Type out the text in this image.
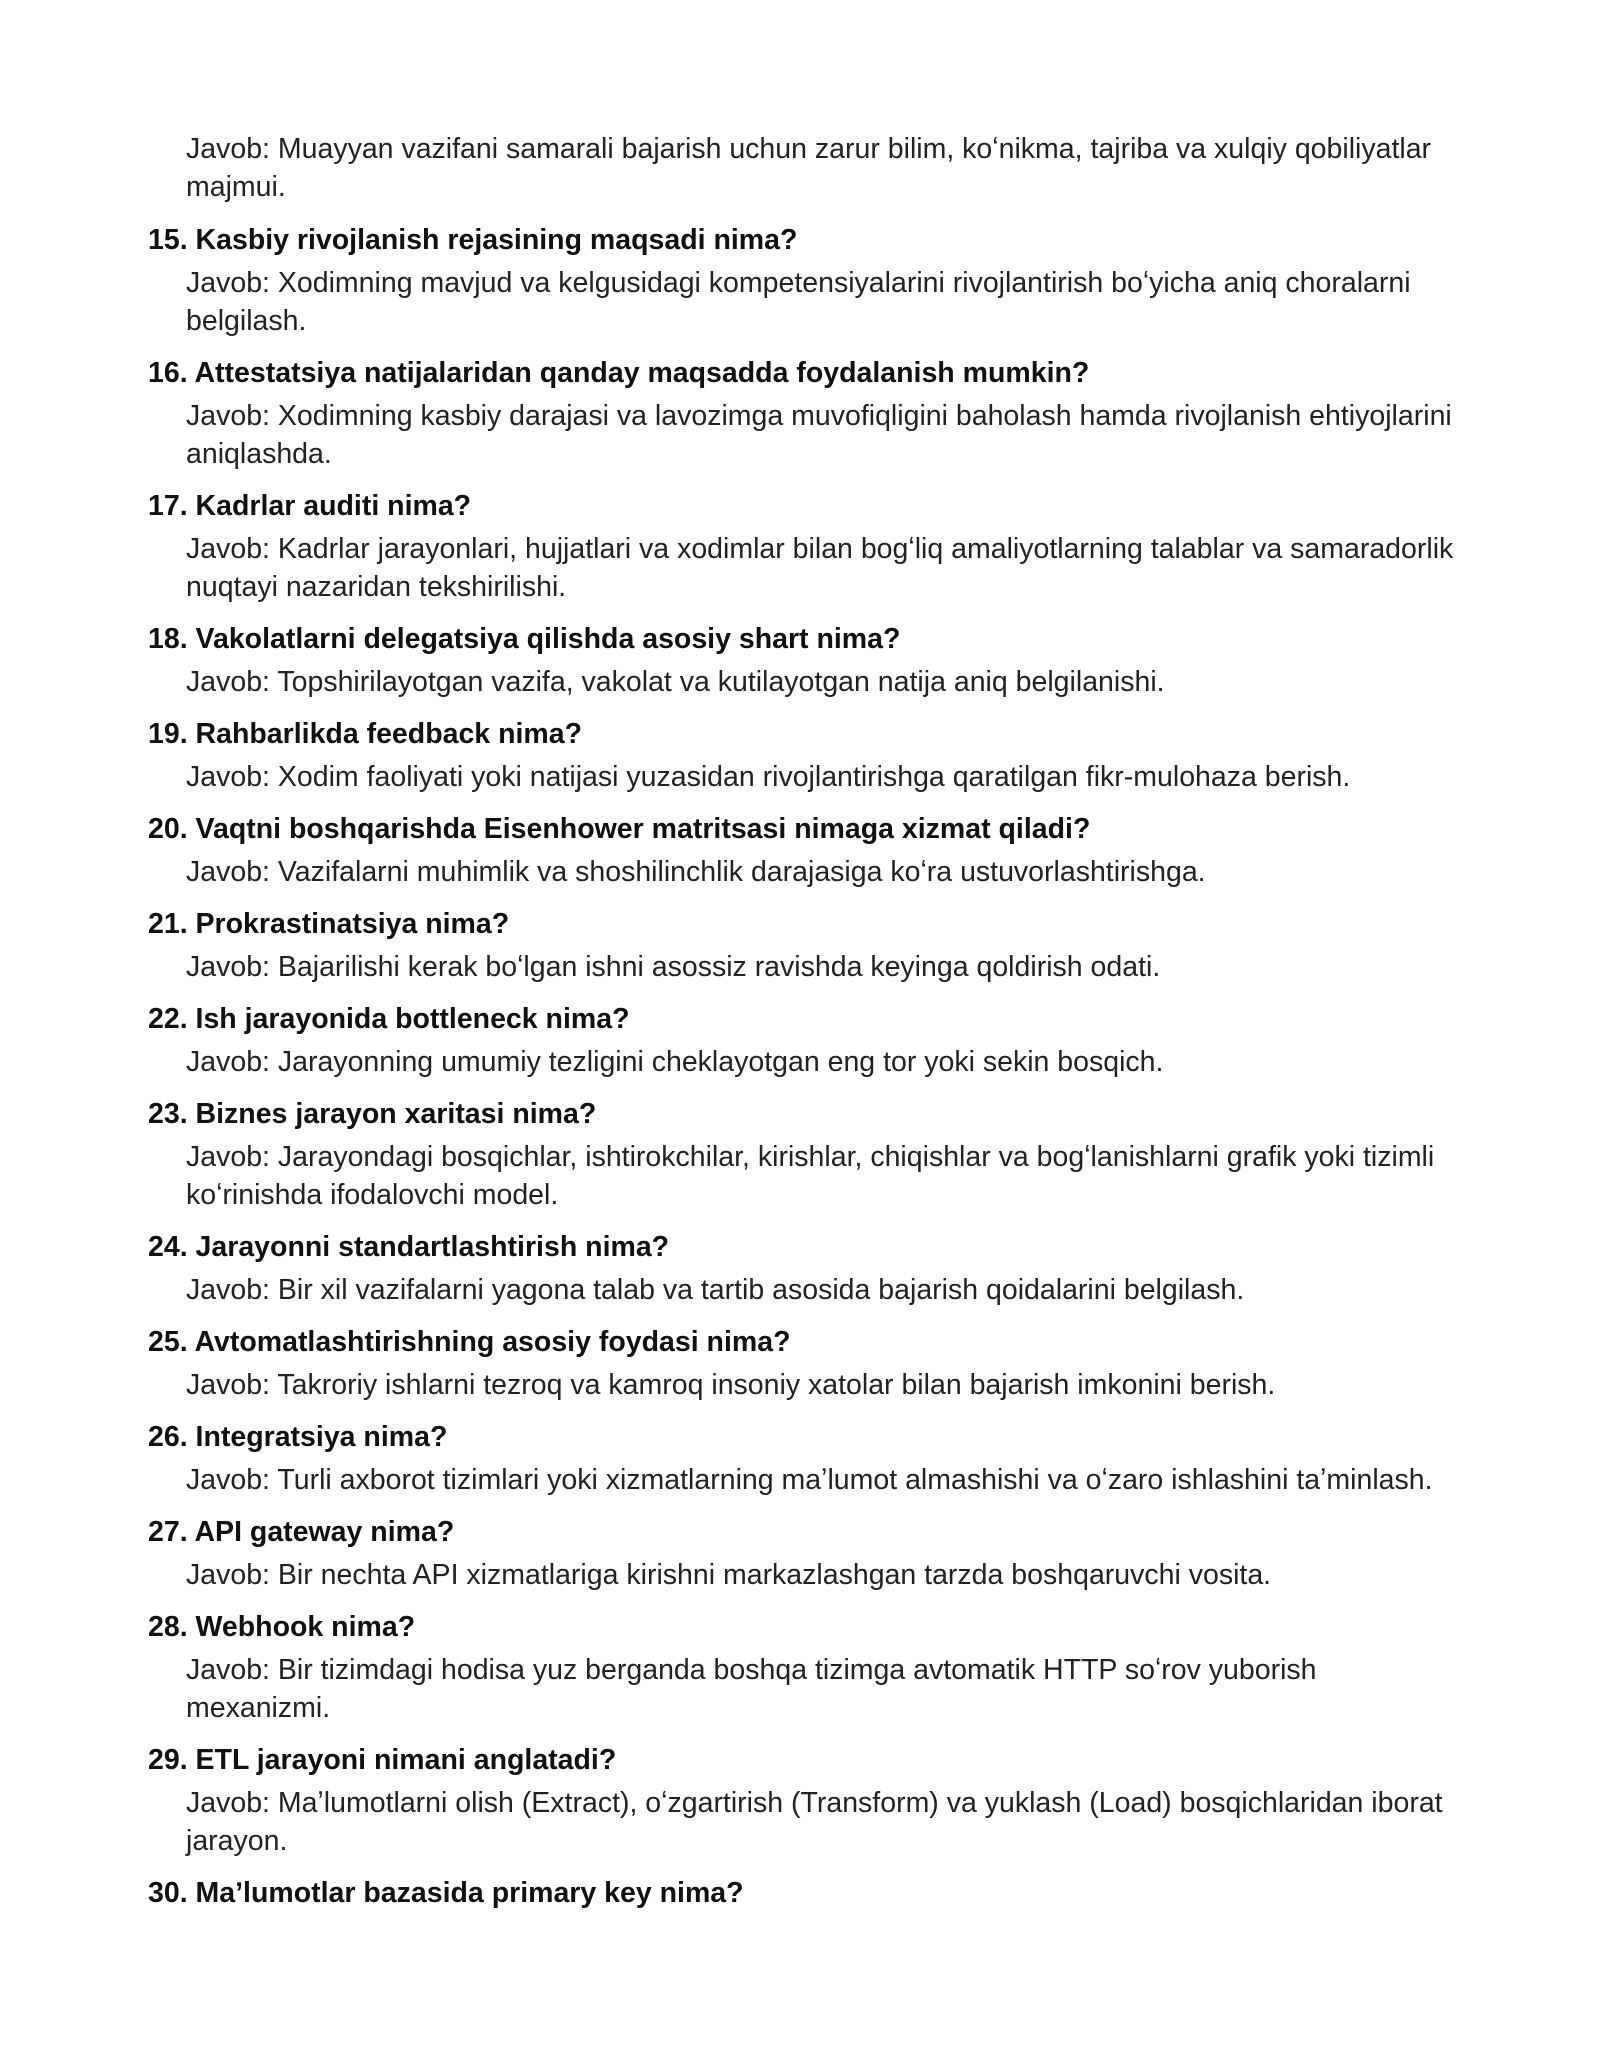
Javob: Muayyan vazifani samarali bajarish uchun zarur bilim, koʻnikma, tajriba va xulqiy qobiliyatlar majmui.

15. Kasbiy rivojlanish rejasining maqsadi nima?

Javob: Xodimning mavjud va kelgusidagi kompetensiyalarini rivojlantirish boʻyicha aniq choralarni belgilash.

16. Attestatsiya natijalaridan qanday maqsadda foydalanish mumkin?

Javob: Xodimning kasbiy darajasi va lavozimga muvofiqligini baholash hamda rivojlanish ehtiyojlarini aniqlashda.

17. Kadrlar auditi nima?

Javob: Kadrlar jarayonlari, hujjatlari va xodimlar bilan bogʻliq amaliyotlarning talablar va samaradorlik nuqtayi nazaridan tekshirilishi.

18. Vakolatlarni delegatsiya qilishda asosiy shart nima?

Javob: Topshirilayotgan vazifa, vakolat va kutilayotgan natija aniq belgilanishi.

19. Rahbarlikda feedback nima?

Javob: Xodim faoliyati yoki natijasi yuzasidan rivojlantirishga qaratilgan fikr-mulohaza berish.

20. Vaqtni boshqarishda Eisenhower matritsasi nimaga xizmat qiladi?

Javob: Vazifalarni muhimlik va shoshilinchlik darajasiga koʻra ustuvorlashtirishga.

21. Prokrastinatsiya nima?

Javob: Bajarilishi kerak boʻlgan ishni asossiz ravishda keyinga qoldirish odati.

22. Ish jarayonida bottleneck nima?

Javob: Jarayonning umumiy tezligini cheklayotgan eng tor yoki sekin bosqich.

23. Biznes jarayon xaritasi nima?

Javob: Jarayondagi bosqichlar, ishtirokchilar, kirishlar, chiqishlar va bogʻlanishlarni grafik yoki tizimli koʻrinishda ifodalovchi model.

24. Jarayonni standartlashtirish nima?

Javob: Bir xil vazifalarni yagona talab va tartib asosida bajarish qoidalarini belgilash.

25. Avtomatlashtirishning asosiy foydasi nima?

Javob: Takroriy ishlarni tezroq va kamroq insoniy xatolar bilan bajarish imkonini berish.

26. Integratsiya nima?

Javob: Turli axborot tizimlari yoki xizmatlarning maʼlumot almashishi va oʻzaro ishlashini taʼminlash.

27. API gateway nima?

Javob: Bir nechta API xizmatlariga kirishni markazlashgan tarzda boshqaruvchi vosita.

28. Webhook nima?

Javob: Bir tizimdagi hodisa yuz berganda boshqa tizimga avtomatik HTTP soʻrov yuborish mexanizmi.

29. ETL jarayoni nimani anglatadi?

Javob: Maʼlumotlarni olish (Extract), oʻzgartirish (Transform) va yuklash (Load) bosqichlaridan iborat jarayon.

30. Maʼlumotlar bazasida primary key nima?
